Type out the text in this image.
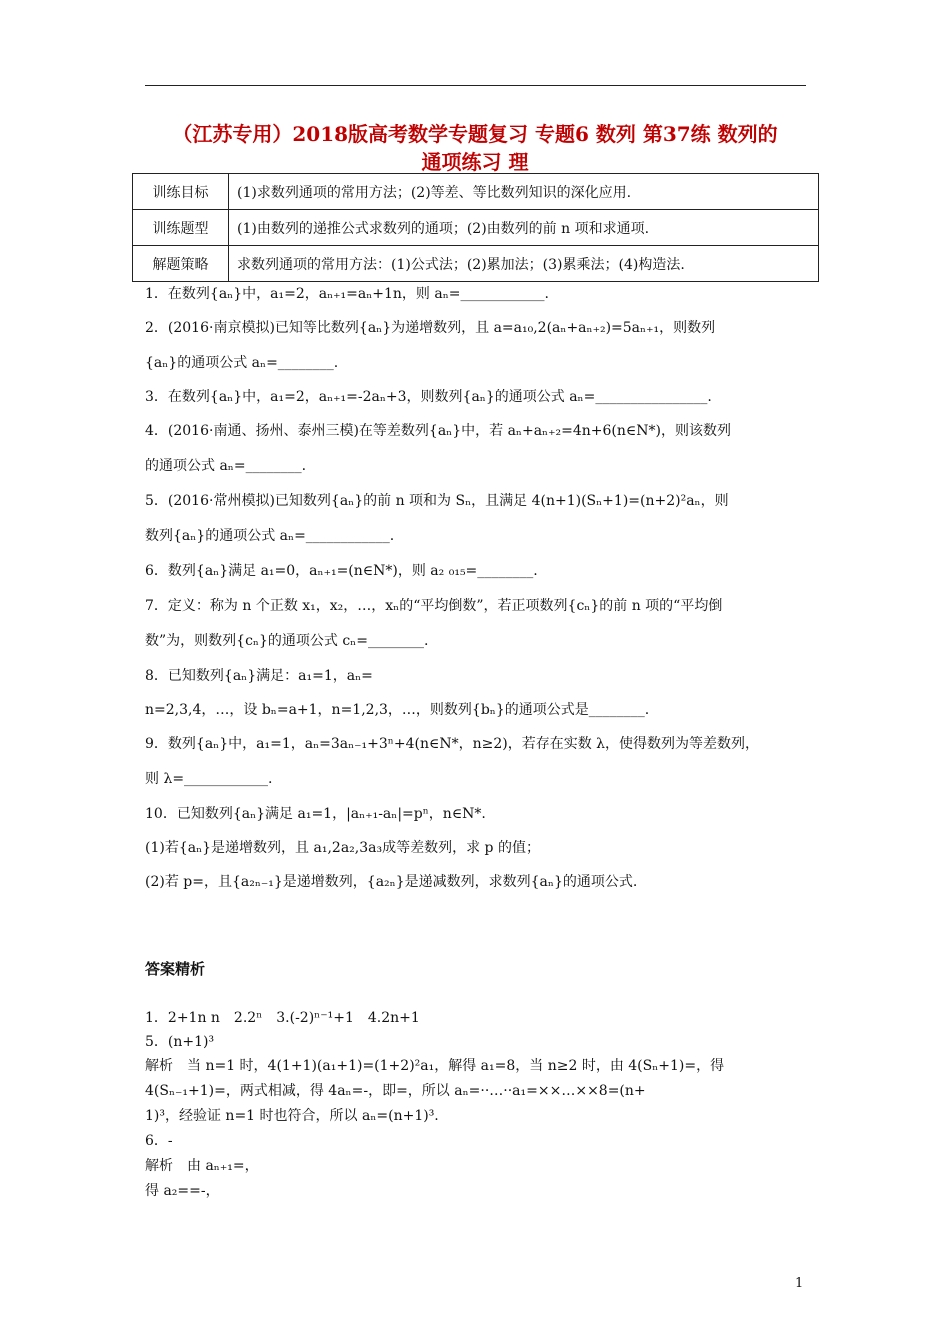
（江苏专用）2018版高考数学专题复习 专题6 数列 第37练 数列的
通项练习 理
训练目标	(1)求数列通项的常用方法；(2)等差、等比数列知识的深化应用.
训练题型	(1)由数列的递推公式求数列的通项；(2)由数列的前 n 项和求通项.
解题策略	求数列通项的常用方法：(1)公式法；(2)累加法；(3)累乘法；(4)构造法.
1．在数列{aₙ}中，a₁=2，aₙ₊₁=aₙ+1n，则 aₙ=____________.
2．(2016·南京模拟)已知等比数列{aₙ}为递增数列，且 a=a₁₀,2(aₙ+aₙ₊₂)=5aₙ₊₁，则数列
{aₙ}的通项公式 aₙ=________.
3．在数列{aₙ}中，a₁=2，aₙ₊₁=-2aₙ+3，则数列{aₙ}的通项公式 aₙ=________________.
4．(2016·南通、扬州、泰州三模)在等差数列{aₙ}中，若 aₙ+aₙ₊₂=4n+6(n∈N*)，则该数列
的通项公式 aₙ=________.
5．(2016·常州模拟)已知数列{aₙ}的前 n 项和为 Sₙ，且满足 4(n+1)(Sₙ+1)=(n+2)²aₙ，则
数列{aₙ}的通项公式 aₙ=____________.
6．数列{aₙ}满足 a₁=0，aₙ₊₁=(n∈N*)，则 a₂ ₀₁₅=________.
7．定义：称为 n 个正数 x₁，x₂，…，xₙ的“平均倒数”，若正项数列{cₙ}的前 n 项的“平均倒
数”为，则数列{cₙ}的通项公式 cₙ=________.
8．已知数列{aₙ}满足：a₁=1，aₙ=
n=2,3,4，…，设 bₙ=a+1，n=1,2,3，…，则数列{bₙ}的通项公式是________.
9．数列{aₙ}中，a₁=1，aₙ=3aₙ₋₁+3ⁿ+4(n∈N*，n≥2)，若存在实数 λ，使得数列为等差数列，
则 λ=____________.
10．已知数列{aₙ}满足 a₁=1，|aₙ₊₁-aₙ|=pⁿ，n∈N*.
(1)若{aₙ}是递增数列，且 a₁,2a₂,3a₃成等差数列，求 p 的值；
(2)若 p=，且{a₂ₙ₋₁}是递增数列，{a₂ₙ}是递减数列，求数列{aₙ}的通项公式.
答案精析
1．2+1n n　2.2ⁿ　3.(-2)ⁿ⁻¹+1　4.2n+1
5．(n+1)³
解析　当 n=1 时，4(1+1)(a₁+1)=(1+2)²a₁，解得 a₁=8，当 n≥2 时，由 4(Sₙ+1)=，得
4(Sₙ₋₁+1)=，两式相减，得 4aₙ=-，即=，所以 aₙ=··…··a₁=××…××8=(n+
1)³，经验证 n=1 时也符合，所以 aₙ=(n+1)³.
6．-
解析　由 aₙ₊₁=，
得 a₂==-，
1
